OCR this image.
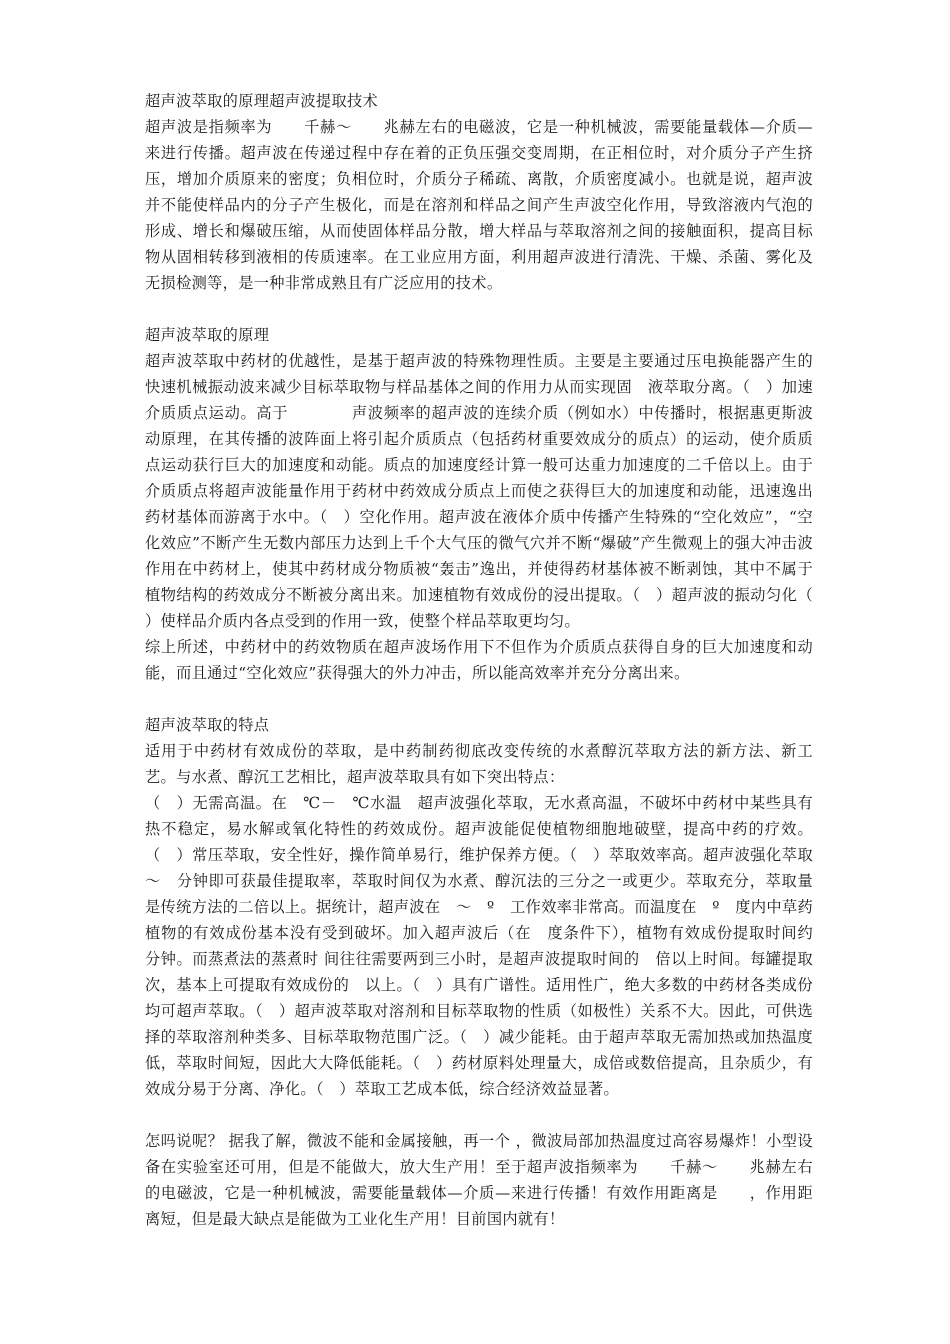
超声波萃取的原理超声波提取技术

超声波是指频率为　　千赫～　　兆赫左右的电磁波，它是一种机械波，需要能量载体—介质—来进行传播。超声波在传递过程中存在着的正负压强交变周期，在正相位时，对介质分子产生挤压，增加介质原来的密度；负相位时，介质分子稀疏、离散，介质密度减小。也就是说，超声波并不能使样品内的分子产生极化，而是在溶剂和样品之间产生声波空化作用，导致溶液内气泡的形成、增长和爆破压缩，从而使固体样品分散，增大样品与萃取溶剂之间的接触面积，提高目标物从固相转移到液相的传质速率。在工业应用方面，利用超声波进行清洗、干燥、杀菌、雾化及无损检测等，是一种非常成熟且有广泛应用的技术。

超声波萃取的原理

超声波萃取中药材的优越性，是基于超声波的特殊物理性质。主要是主要通过压电换能器产生的快速机械振动波来减少目标萃取物与样品基体之间的作用力从而实现固　液萃取分离。（　）加速介质质点运动。高于　　　　声波频率的超声波的连续介质（例如水）中传播时，根据惠更斯波动原理，在其传播的波阵面上将引起介质质点（包括药材重要效成分的质点）的运动，使介质质点运动获行巨大的加速度和动能。质点的加速度经计算一般可达重力加速度的二千倍以上。由于介质质点将超声波能量作用于药材中药效成分质点上而使之获得巨大的加速度和动能，迅速逸出药材基体而游离于水中。（　）空化作用。超声波在液体介质中传播产生特殊的“空化效应”，“空化效应”不断产生无数内部压力达到上千个大气压的微气穴并不断“爆破”产生微观上的强大冲击波作用在中药材上，使其中药材成分物质被“轰击”逸出，并使得药材基体被不断剥蚀，其中不属于植物结构的药效成分不断被分离出来。加速植物有效成份的浸出提取。（　）超声波的振动匀化（　　　　　）使样品介质内各点受到的作用一致，使整个样品萃取更均匀。

综上所述，中药材中的药效物质在超声波场作用下不但作为介质质点获得自身的巨大加速度和动能，而且通过“空化效应”获得强大的外力冲击，所以能高效率并充分分离出来。

超声波萃取的特点

适用于中药材有效成份的萃取，是中药制药彻底改变传统的水煮醇沉萃取方法的新方法、新工艺。与水煮、醇沉工艺相比，超声波萃取具有如下突出特点：

（　）无需高温。在　℃－　℃水温　超声波强化萃取，无水煮高温，不破坏中药材中某些具有热不稳定，易水解或氧化特性的药效成份。超声波能促使植物细胞地破壁，提高中药的疗效。（　）常压萃取，安全性好，操作简单易行，维护保养方便。（　）萃取效率高。超声波强化萃取　～　分钟即可获最佳提取率，萃取时间仅为水煮、醇沉法的三分之一或更少。萃取充分，萃取量是传统方法的二倍以上。据统计，超声波在　～　º　工作效率非常高。而温度在　º　度内中草药植物的有效成份基本没有受到破坏。加入超声波后（在　度条件下），植物有效成份提取时间约　分钟。而蒸煮法的蒸煮时 间往往需要两到三小时，是超声波提取时间的　倍以上时间。每罐提取　次，基本上可提取有效成份的　以上。（　）具有广谱性。适用性广，绝大多数的中药材各类成份均可超声萃取。（　）超声波萃取对溶剂和目标萃取物的性质（如极性）关系不大。因此，可供选择的萃取溶剂种类多、目标萃取物范围广泛。（　）减少能耗。由于超声萃取无需加热或加热温度低，萃取时间短，因此大大降低能耗。（　）药材原料处理量大，成倍或数倍提高，且杂质少，有效成分易于分离、净化。（　）萃取工艺成本低，综合经济效益显著。

怎吗说呢？ 据我了解，微波不能和金属接触，再一个 ，微波局部加热温度过高容易爆炸！小型设备在实验室还可用，但是不能做大，放大生产用！至于超声波指频率为　　千赫～　　兆赫左右的电磁波，它是一种机械波，需要能量载体—介质—来进行传播！有效作用距离是　　，作用距离短，但是最大缺点是能做为工业化生产用！目前国内就有！
